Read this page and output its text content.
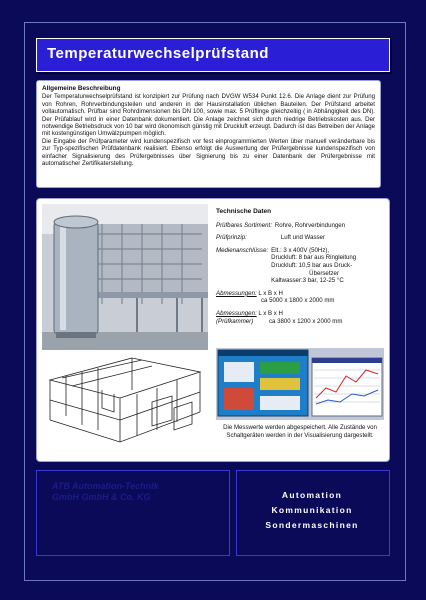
Temperaturwechselprüfstand
Allgemeine Beschreibung

Der Temperaturwechselprüfstand ist konzipiert zur Prüfung nach DVGW W534 Punkt 12.6. Die Anlage dient zur Prüfung von Rohren, Rohrverbindungsteilen und anderen in der Hausinstallation üblichen Bauteilen. Der Prüfstand arbeitet vollautomatisch. Prüfbar sind Rohrdimensionen bis DN 100, sowie max. 5 Prüflinge gleichzeitig ( in Abhängigkeit des DN). Der Prüfablauf wird in einer Datenbank dokumentiert. Die Anlage zeichnet sich durch niedrige Betriebskosten aus. Der notwendige Betriebsdruck von 10 bar wird ökonomisch günstig mit Druckluft erzeugt. Dadurch ist das Betreiben der Anlage mit kostengünstigen Umwälzpumpen möglich.

Die Eingabe der Prüfparameter wird kundenspezifisch vor fest einprogrammierten Werten über manuell veränderbare bis zur Typ-spezifischen Prüfdatenbank realisiert. Ebenso erfolgt die Auswertung der Prüfergebnisse kundenspezifisch von einfacher Signalisierung des Prüfergebnisses über Signierung bis zu einer Datenbank der Prüfergebnisse mit automatischer Zertifikaterstellung.

Technische Daten
Prüfbares Sortiment: Rohre, Rohrverbindungen
Prüfprinzip:	Luft und Wasser
Medienanschlüsse: Elt.: 3 x 400V (50Hz),
Druckluft: 8 bar aus Ringleitung
Druckluft: 10,5 bar aus Druck-
Übersetzer
Kaltwasser:3 bar, 12-25 °C
Abmessungen: L x B x H
ca 5000 x 1800 x 2000 mm
Abmessungen: L x B x H
(Prüfkammer)	ca 3800 x 1200 x 2000 mm
Die Messwerte werden abgespeichert. Alle Zustände von Schaltgeräten werden in der Visualisierung dargestellt.
ATB Automation-Technik
GmbH GmbH & Co. KG	Automation
Kommunikation
Sondermaschinen
